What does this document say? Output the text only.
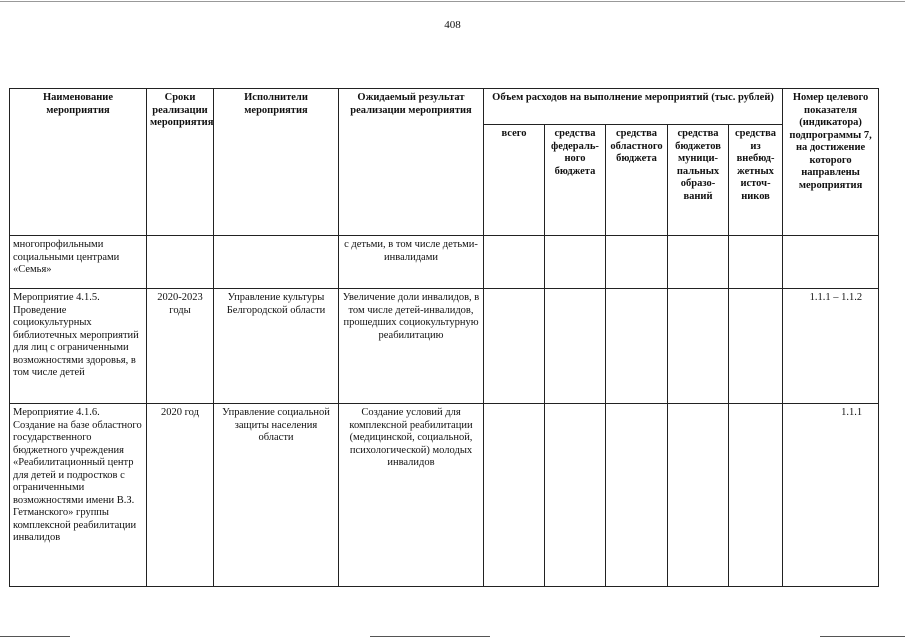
408
Наименование мероприятия	Сроки реализации мероприятия	Исполнители мероприятия	Ожидаемый результат реализации мероприятия	Объем расходов на выполнение мероприятий (тыс. рублей)					Номер целевого показателя (индикатора) подпрограммы 7, на достижение которого направлены мероприятия
				всего	средства федераль-ного бюджета	средства областного бюджета	средства бюджетов муници-пальных образо-ваний	средства из внебюд-жетных источ-ников	
многопрофильными социальными центрами «Семья»			с детьми, в том числе детьми-инвалидами						
Мероприятие 4.1.5. Проведение социокультурных библиотечных мероприятий для лиц с ограниченными возможностями здоровья, в том числе детей	2020-2023 годы	Управление культуры Белгородской области	Увеличение доли инвалидов, в том числе детей-инвалидов, прошедших социокультурную реабилитацию						1.1.1 – 1.1.2
Мероприятие 4.1.6. Создание на базе областного государственного бюджетного учреждения «Реабилитационный центр для детей и подростков с ограниченными возможностями имени В.З. Гетманского» группы комплексной реабилитации инвалидов	2020 год	Управление социальной защиты населения области	Создание условий для комплексной реабилитации (медицинской, социальной, психологической) молодых инвалидов						1.1.1
